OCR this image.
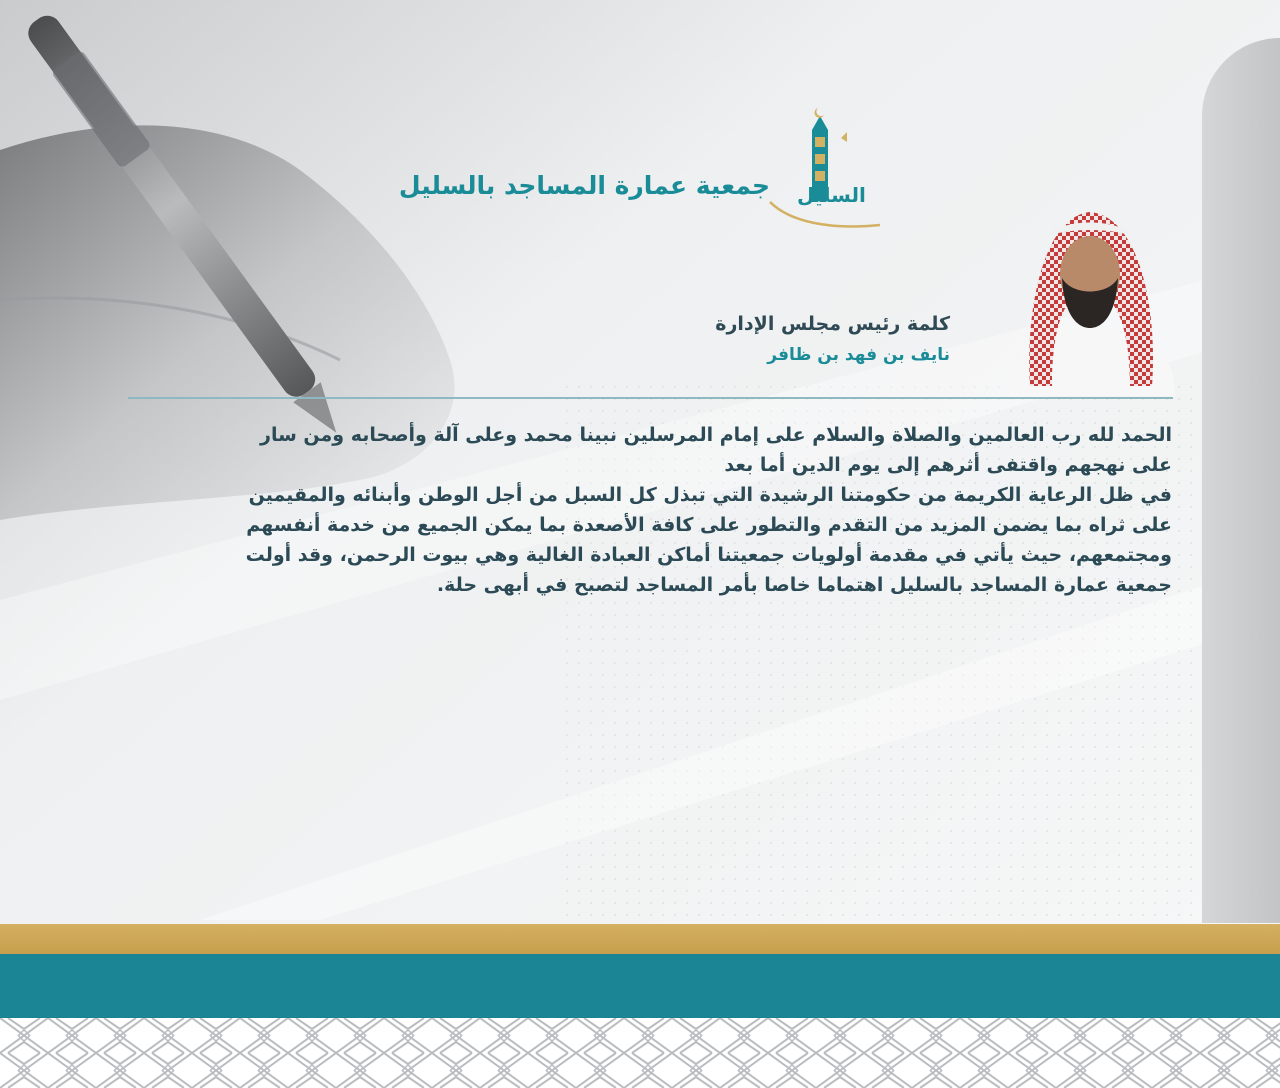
جمعية عمارة المساجد بالسليل السليل
كلمة رئيس مجلس الإدارة
نايف بن فهد بن ظافر

الحمد لله رب العالمين والصلاة والسلام على إمام المرسلين نبينا محمد وعلى آلة وأصحابه ومن سار على نهجهم واقتفى أثرهم إلى يوم الدين أما بعد

في ظل الرعاية الكريمة من حكومتنا الرشيدة التي تبذل كل السبل من أجل الوطن وأبنائه والمقيمين على ثراه بما يضمن المزيد من التقدم والتطور على كافة الأصعدة بما يمكن الجميع من خدمة أنفسهم ومجتمعهم، حيث يأتي في مقدمة أولويات جمعيتنا أماكن العبادة الغالية وهي بيوت الرحمن، وقد أولت جمعية عمارة المساجد بالسليل اهتماما خاصا بأمر المساجد لتصبح في أبهى حلة.
